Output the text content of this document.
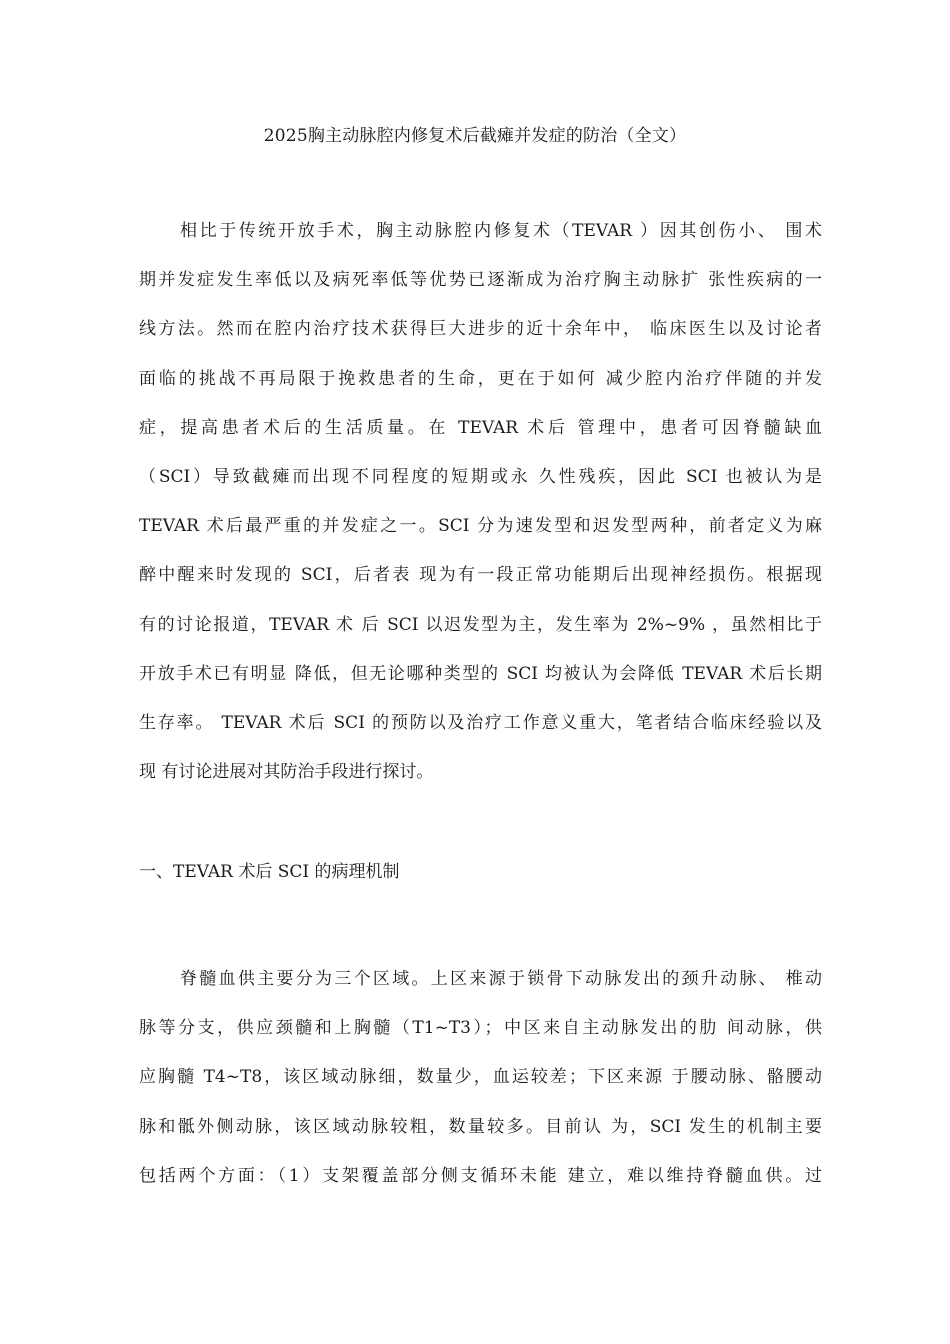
2025胸主动脉腔内修复术后截瘫并发症的防治（全文）
相比于传统开放手术，胸主动脉腔内修复术（TEVAR ）因其创伤小、 围术
期并发症发生率低以及病死率低等优势已逐渐成为治疗胸主动脉扩 张性疾病的一
线方法。然而在腔内治疗技术获得巨大进步的近十余年中， 临床医生以及讨论者
面临的挑战不再局限于挽救患者的生命，更在于如何 减少腔内治疗伴随的并发
症，提高患者术后的生活质量。在 TEVAR 术后 管理中，患者可因脊髓缺血
（SCI）导致截瘫而出现不同程度的短期或永 久性残疾，因此 SCI 也被认为是
TEVAR 术后最严重的并发症之一。SCI 分为速发型和迟发型两种，前者定义为麻
醉中醒来时发现的 SCI，后者表 现为有一段正常功能期后出现神经损伤。根据现
有的讨论报道，TEVAR 术 后 SCI 以迟发型为主，发生率为 2%~9% ，虽然相比于
开放手术已有明显 降低，但无论哪种类型的 SCI 均被认为会降低 TEVAR 术后长期
生存率。 TEVAR 术后 SCI 的预防以及治疗工作意义重大，笔者结合临床经验以及
现 有讨论进展对其防治手段进行探讨。
一、TEVAR 术后 SCI 的病理机制
脊髓血供主要分为三个区域。上区来源于锁骨下动脉发出的颈升动脉、 椎动
脉等分支，供应颈髓和上胸髓（T1~T3）；中区来自主动脉发出的肋 间动脉，供
应胸髓 T4~T8，该区域动脉细，数量少，血运较差；下区来源 于腰动脉、骼腰动
脉和骶外侧动脉，该区域动脉较粗，数量较多。目前认 为，SCI 发生的机制主要
包括两个方面：（1）支架覆盖部分侧支循环未能 建立，难以维持脊髓血供。过
